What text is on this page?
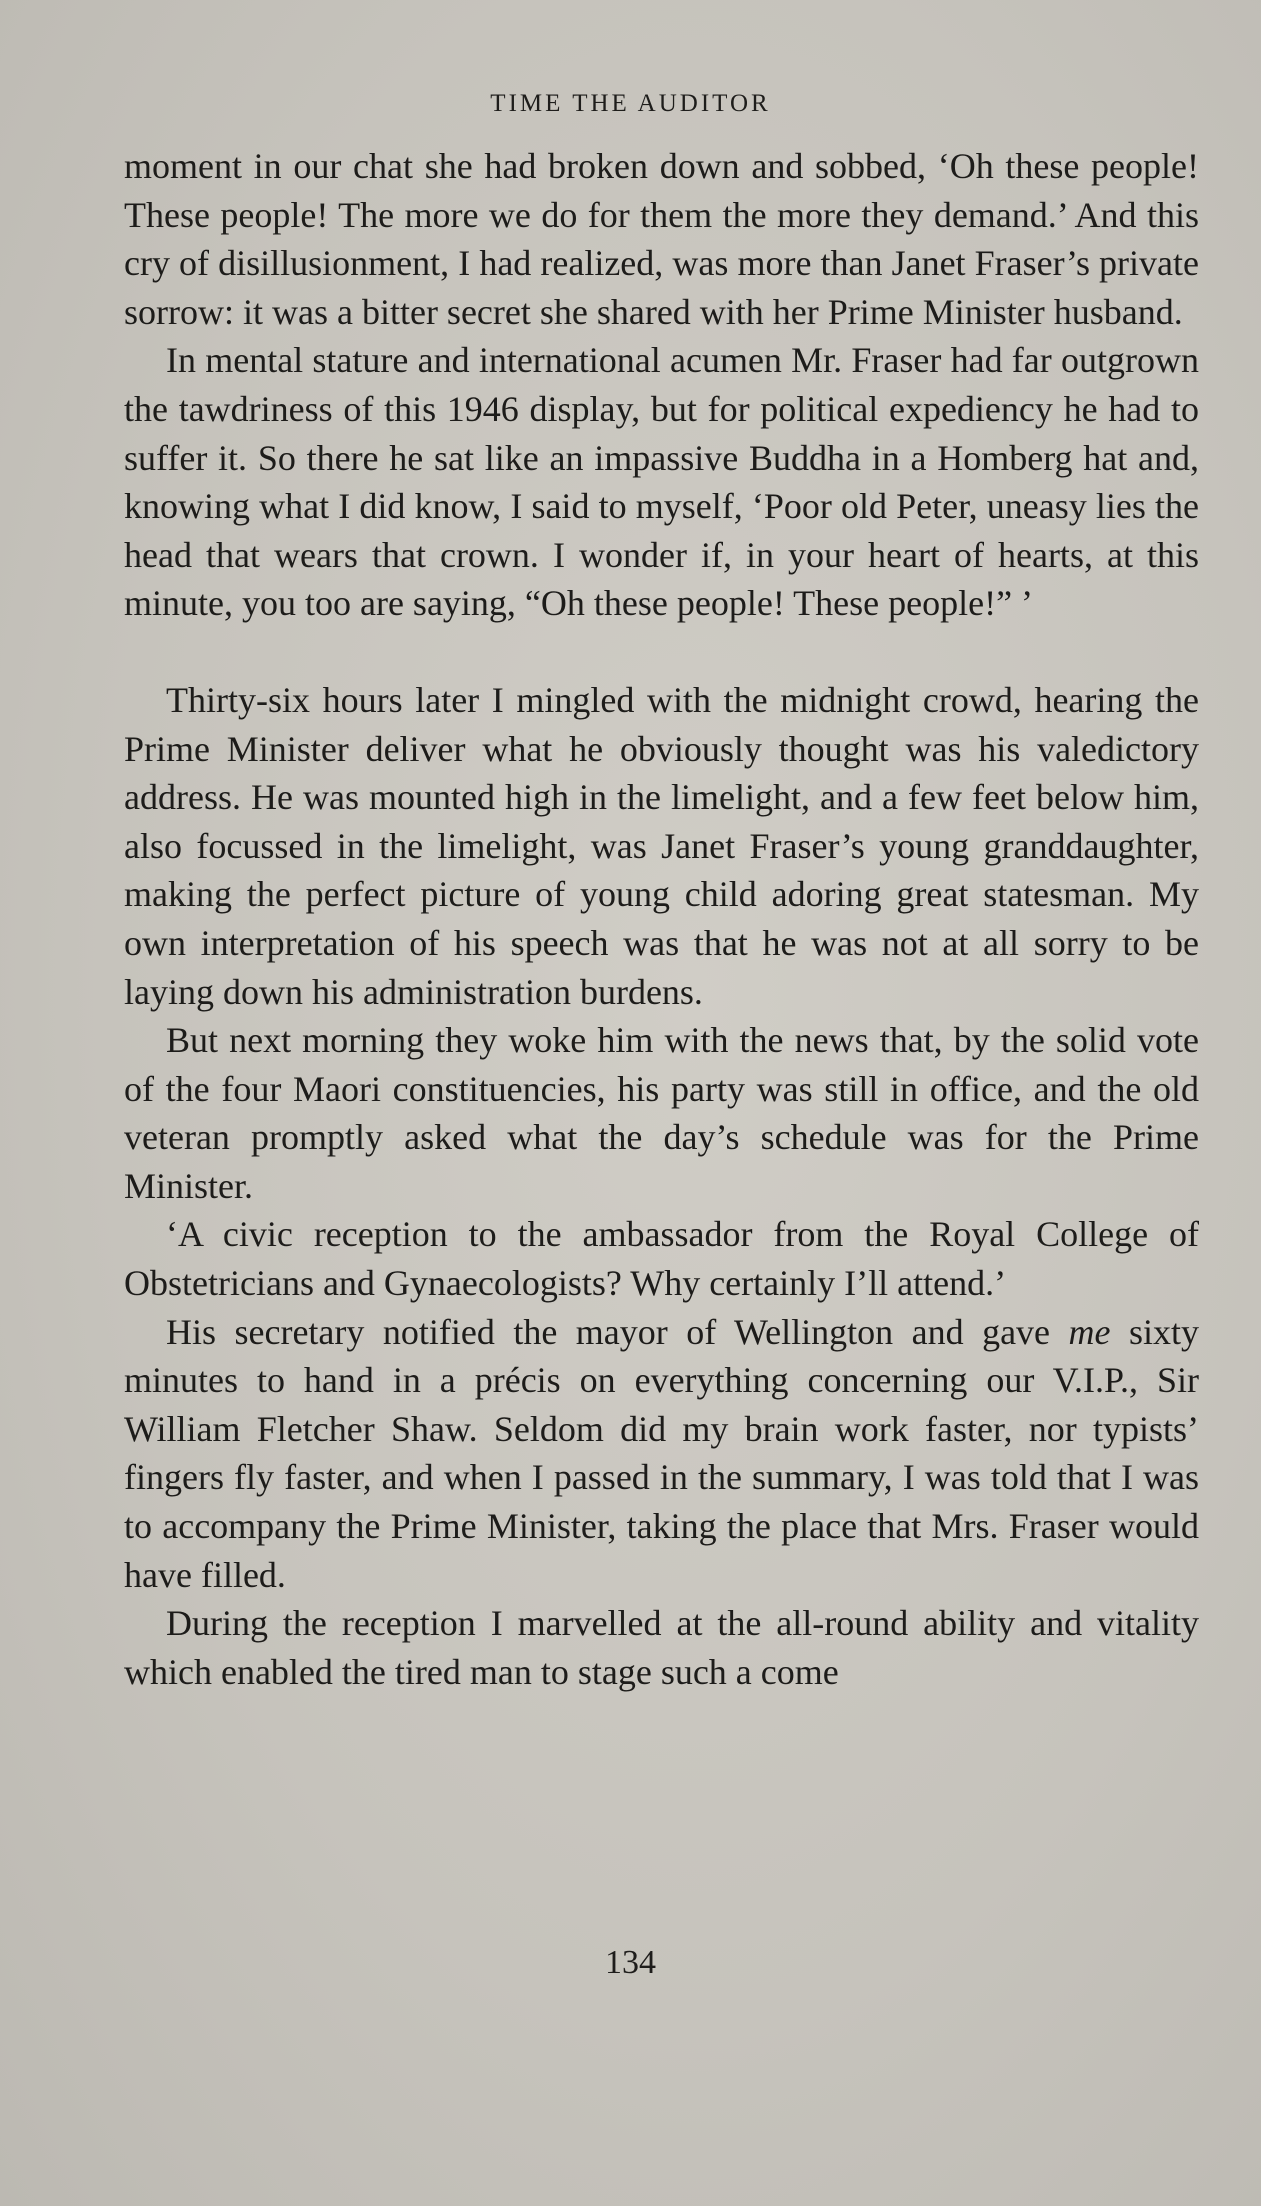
TIME THE AUDITOR

moment in our chat she had broken down and sobbed, ‘Oh these people! These people! The more we do for them the more they demand.’ And this cry of disillusionment, I had realized, was more than Janet Fraser’s private sorrow: it was a bitter secret she shared with her Prime Minister husband.

In mental stature and international acumen Mr. Fraser had far outgrown the tawdriness of this 1946 display, but for political expediency he had to suffer it. So there he sat like an impassive Buddha in a Homberg hat and, knowing what I did know, I said to myself, ‘Poor old Peter, uneasy lies the head that wears that crown. I wonder if, in your heart of hearts, at this minute, you too are saying, “Oh these people! These people!” ’

Thirty-six hours later I mingled with the midnight crowd, hearing the Prime Minister deliver what he obviously thought was his valedictory address. He was mounted high in the limelight, and a few feet below him, also focussed in the limelight, was Janet Fraser’s young granddaughter, making the perfect picture of young child adoring great statesman. My own interpretation of his speech was that he was not at all sorry to be laying down his administration burdens.

But next morning they woke him with the news that, by the solid vote of the four Maori constituencies, his party was still in office, and the old veteran promptly asked what the day’s schedule was for the Prime Minister.

‘A civic reception to the ambassador from the Royal College of Obstetricians and Gynaecologists? Why certainly I’ll attend.’

His secretary notified the mayor of Wellington and gave me sixty minutes to hand in a précis on everything concerning our V.I.P., Sir William Fletcher Shaw. Seldom did my brain work faster, nor typists’ fingers fly faster, and when I passed in the summary, I was told that I was to accompany the Prime Minister, taking the place that Mrs. Fraser would have filled.

During the reception I marvelled at the all-round ability and vitality which enabled the tired man to stage such a come

134
